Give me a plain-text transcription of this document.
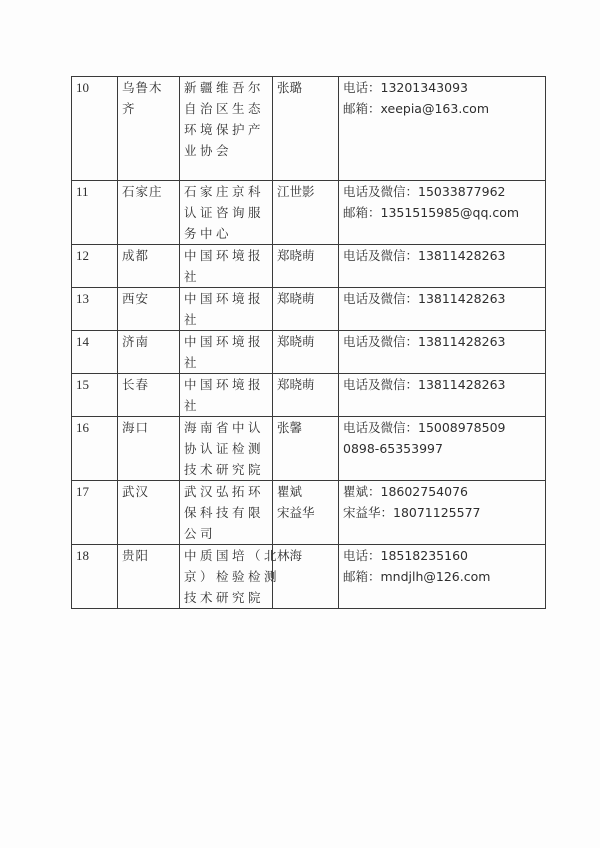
10	乌鲁木
齐	新疆维吾尔
自治区生态
环境保护产
业协会	张璐	电话：13201343093
邮箱：xeepia@163.com

11	石家庄	石家庄京科
认证咨询服
务中心	江世影	电话及微信：15033877962
邮箱：1351515985@qq.com

12	成都	中国环境报
社	郑晓萌	电话及微信：13811428263

13	西安	中国环境报
社	郑晓萌	电话及微信：13811428263

14	济南	中国环境报
社	郑晓萌	电话及微信：13811428263

15	长春	中国环境报
社	郑晓萌	电话及微信：13811428263

16	海口	海南省中认
协认证检测
技术研究院	张馨	电话及微信：15008978509
0898-65353997

17	武汉	武汉弘拓环
保科技有限
公司	瞿斌
宋益华	瞿斌：18602754076
宋益华：18071125577

18	贵阳	中质国培（北
京）检验检测
技术研究院	林海	电话：18518235160
邮箱：mndjlh@126.com
